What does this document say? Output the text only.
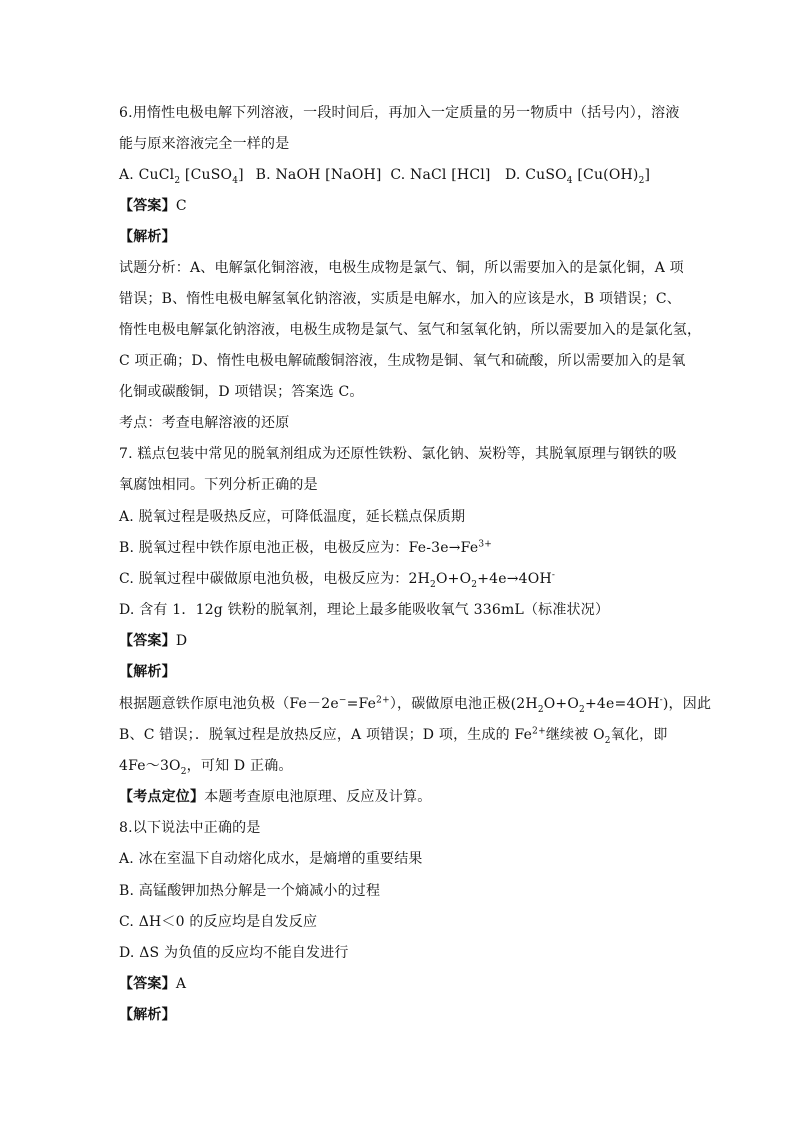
6.用惰性电极电解下列溶液，一段时间后，再加入一定质量的另一物质中（括号内），溶液
能与原来溶液完全一样的是
A. CuCl$_2$ [CuSO$_4$] B. NaOH [NaOH] C. NaCl [HCl] D. CuSO$_4$ $[Cu(OH)_2]$
【答案】C
【解析】
试题分析：A、电解氯化铜溶液，电极生成物是氯气、铜，所以需要加入的是氯化铜，A 项
错误；B、惰性电极电解氢氧化钠溶液，实质是电解水，加入的应该是水，B 项错误；C、
惰性电极电解氯化钠溶液，电极生成物是氯气、氢气和氢氧化钠，所以需要加入的是氯化氢，
C 项正确；D、惰性电极电解硫酸铜溶液，生成物是铜、氧气和硫酸，所以需要加入的是氧
化铜或碳酸铜，D 项错误；答案选 C。
考点：考查电解溶液的还原
7. 糕点包装中常见的脱氧剂组成为还原性铁粉、氯化钠、炭粉等，其脱氧原理与钢铁的吸
氧腐蚀相同。下列分析正确的是
A. 脱氧过程是吸热反应，可降低温度，延长糕点保质期
B. 脱氧过程中铁作原电池正极，电极反应为：$Fe-3e\to Fe^{3+}$
C. 脱氧过程中碳做原电池负极，电极反应为：$2H_2O+O_2+4e\to 4OH^-$
D. 含有 1．12g 铁粉的脱氧剂，理论上最多能吸收氧气 336mL（标准状况）
【答案】D
【解析】
根据题意铁作原电池负极$(Fe-2e^-=Fe^{2+})$，碳做原电池正极$(2H_2O+O_2+4e=4OH^-)$，因此
B、C 错误；．脱氧过程是放热反应，A 项错误；D 项，生成的 $Fe^{2+}$继续被 $O_2$氧化，即
$4Fe\sim 3O_2$，可知 D 正确。
【考点定位】本题考查原电池原理、反应及计算。
8.以下说法中正确的是
A. 冰在室温下自动熔化成水，是熵增的重要结果
B. 高锰酸钾加热分解是一个熵减小的过程
C. ΔH＜0 的反应均是自发反应
D. ΔS 为负值的反应均不能自发进行
【答案】A
【解析】
